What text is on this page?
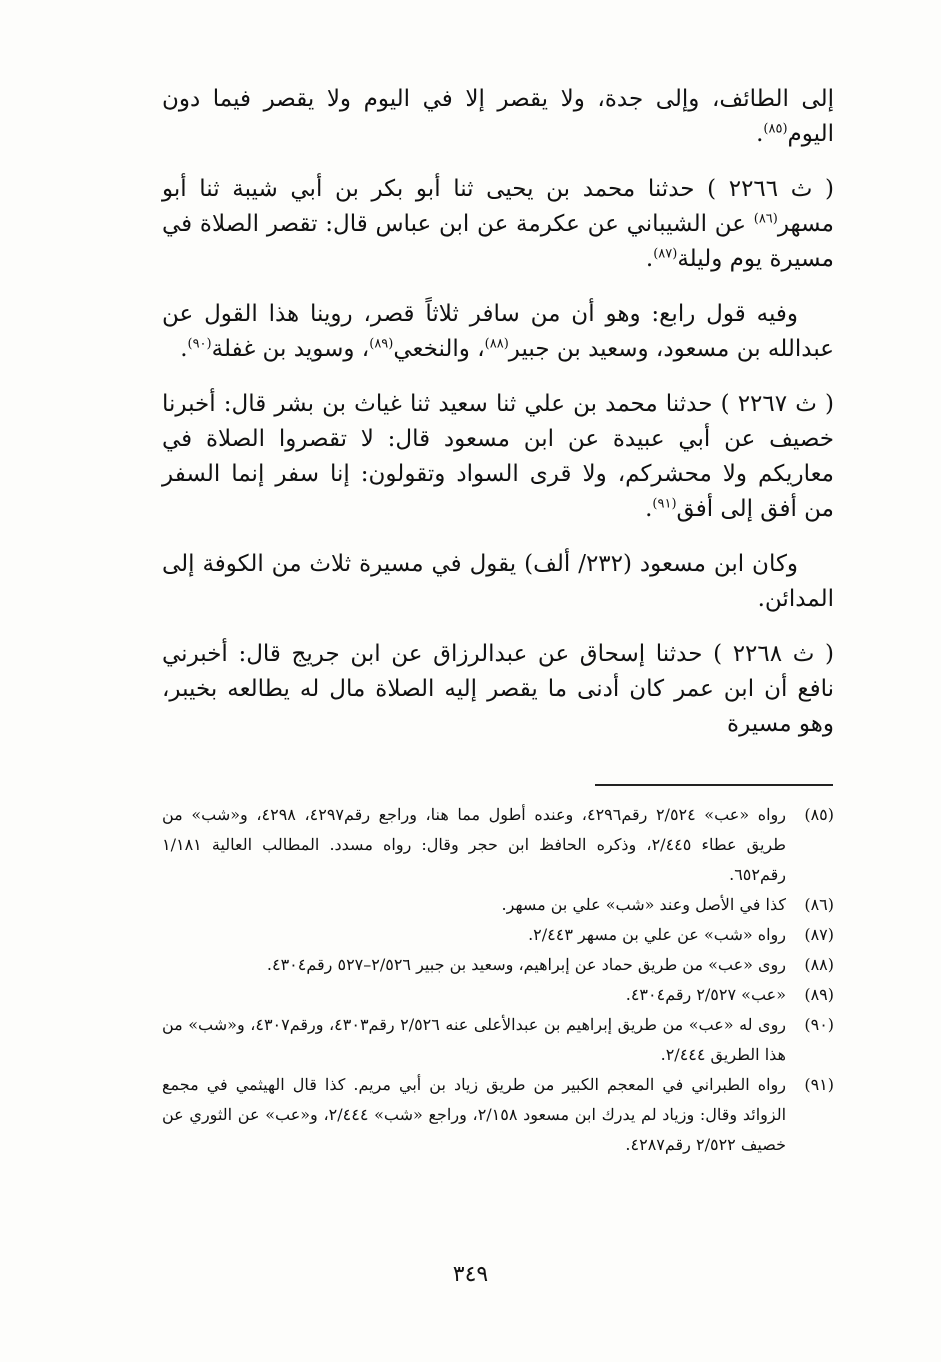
إلى الطائف، وإلى جدة، ولا يقصر إلا في اليوم ولا يقصر فيما دون اليوم$^{(٨٥)}$.

( ث ٢٢٦٦ ) حدثنا محمد بن يحيى ثنا أبو بكر بن أبي شيبة ثنا أبو مسهر$^{(٨٦)}$ عن الشيباني عن عكرمة عن ابن عباس قال: تقصر الصلاة في مسيرة يوم وليلة$^{(٨٧)}$.

وفيه قول رابع: وهو أن من سافر ثلاثاً قصر، روينا هذا القول عن عبدالله بن مسعود، وسعيد بن جبير$^{(٨٨)}$، والنخعي$^{(٨٩)}$، وسويد بن غفلة$^{(٩٠)}$.

( ث ٢٢٦٧ ) حدثنا محمد بن علي ثنا سعيد ثنا غياث بن بشر قال: أخبرنا خصيف عن أبي عبيدة عن ابن مسعود قال: لا تقصروا الصلاة في معاريكم ولا محشركم، ولا قرى السواد وتقولون: إنا سفر إنما السفر من أفق إلى أفق$^{(٩١)}$.

وكان ابن مسعود (٢٣٢/ ألف) يقول في مسيرة ثلاث من الكوفة إلى المدائن.

( ث ٢٢٦٨ ) حدثنا إسحاق عن عبدالرزاق عن ابن جريج قال: أخبرني نافع أن ابن عمر كان أدنى ما يقصر إليه الصلاة مال له يطالعه بخيبر، وهو مسيرة

(٨٥)رواه «عب» ٢/٥٢٤ رقم٤٢٩٦، وعنده أطول مما هنا، وراجع رقم٤٢٩٧، ٤٢٩٨، و«شب» من طريق عطاء ٢/٤٤٥، وذكره الحافظ ابن حجر وقال: رواه مسدد. المطالب العالية ١/١٨١ رقم٦٥٢.

(٨٦)كذا في الأصل وعند «شب» علي بن مسهر.

(٨٧)رواه «شب» عن علي بن مسهر ٢/٤٤٣.

(٨٨)روى «عب» من طريق حماد عن إبراهيم، وسعيد بن جبير ٢/٥٢٦–٥٢٧ رقم٤٣٠٤.

(٨٩)«عب» ٢/٥٢٧ رقم٤٣٠٤.

(٩٠)روى له «عب» من طريق إبراهيم بن عبدالأعلى عنه ٢/٥٢٦ رقم٤٣٠٣، ورقم٤٣٠٧، و«شب» من هذا الطريق ٢/٤٤٤.

(٩١)رواه الطبراني في المعجم الكبير من طريق زياد بن أبي مريم. كذا قال الهيثمي في مجمع الزوائد وقال: وزياد لم يدرك ابن مسعود ٢/١٥٨، وراجع «شب» ٢/٤٤٤، و«عب» عن الثوري عن خصيف ٢/٥٢٢ رقم٤٢٨٧.

٣٤٩
